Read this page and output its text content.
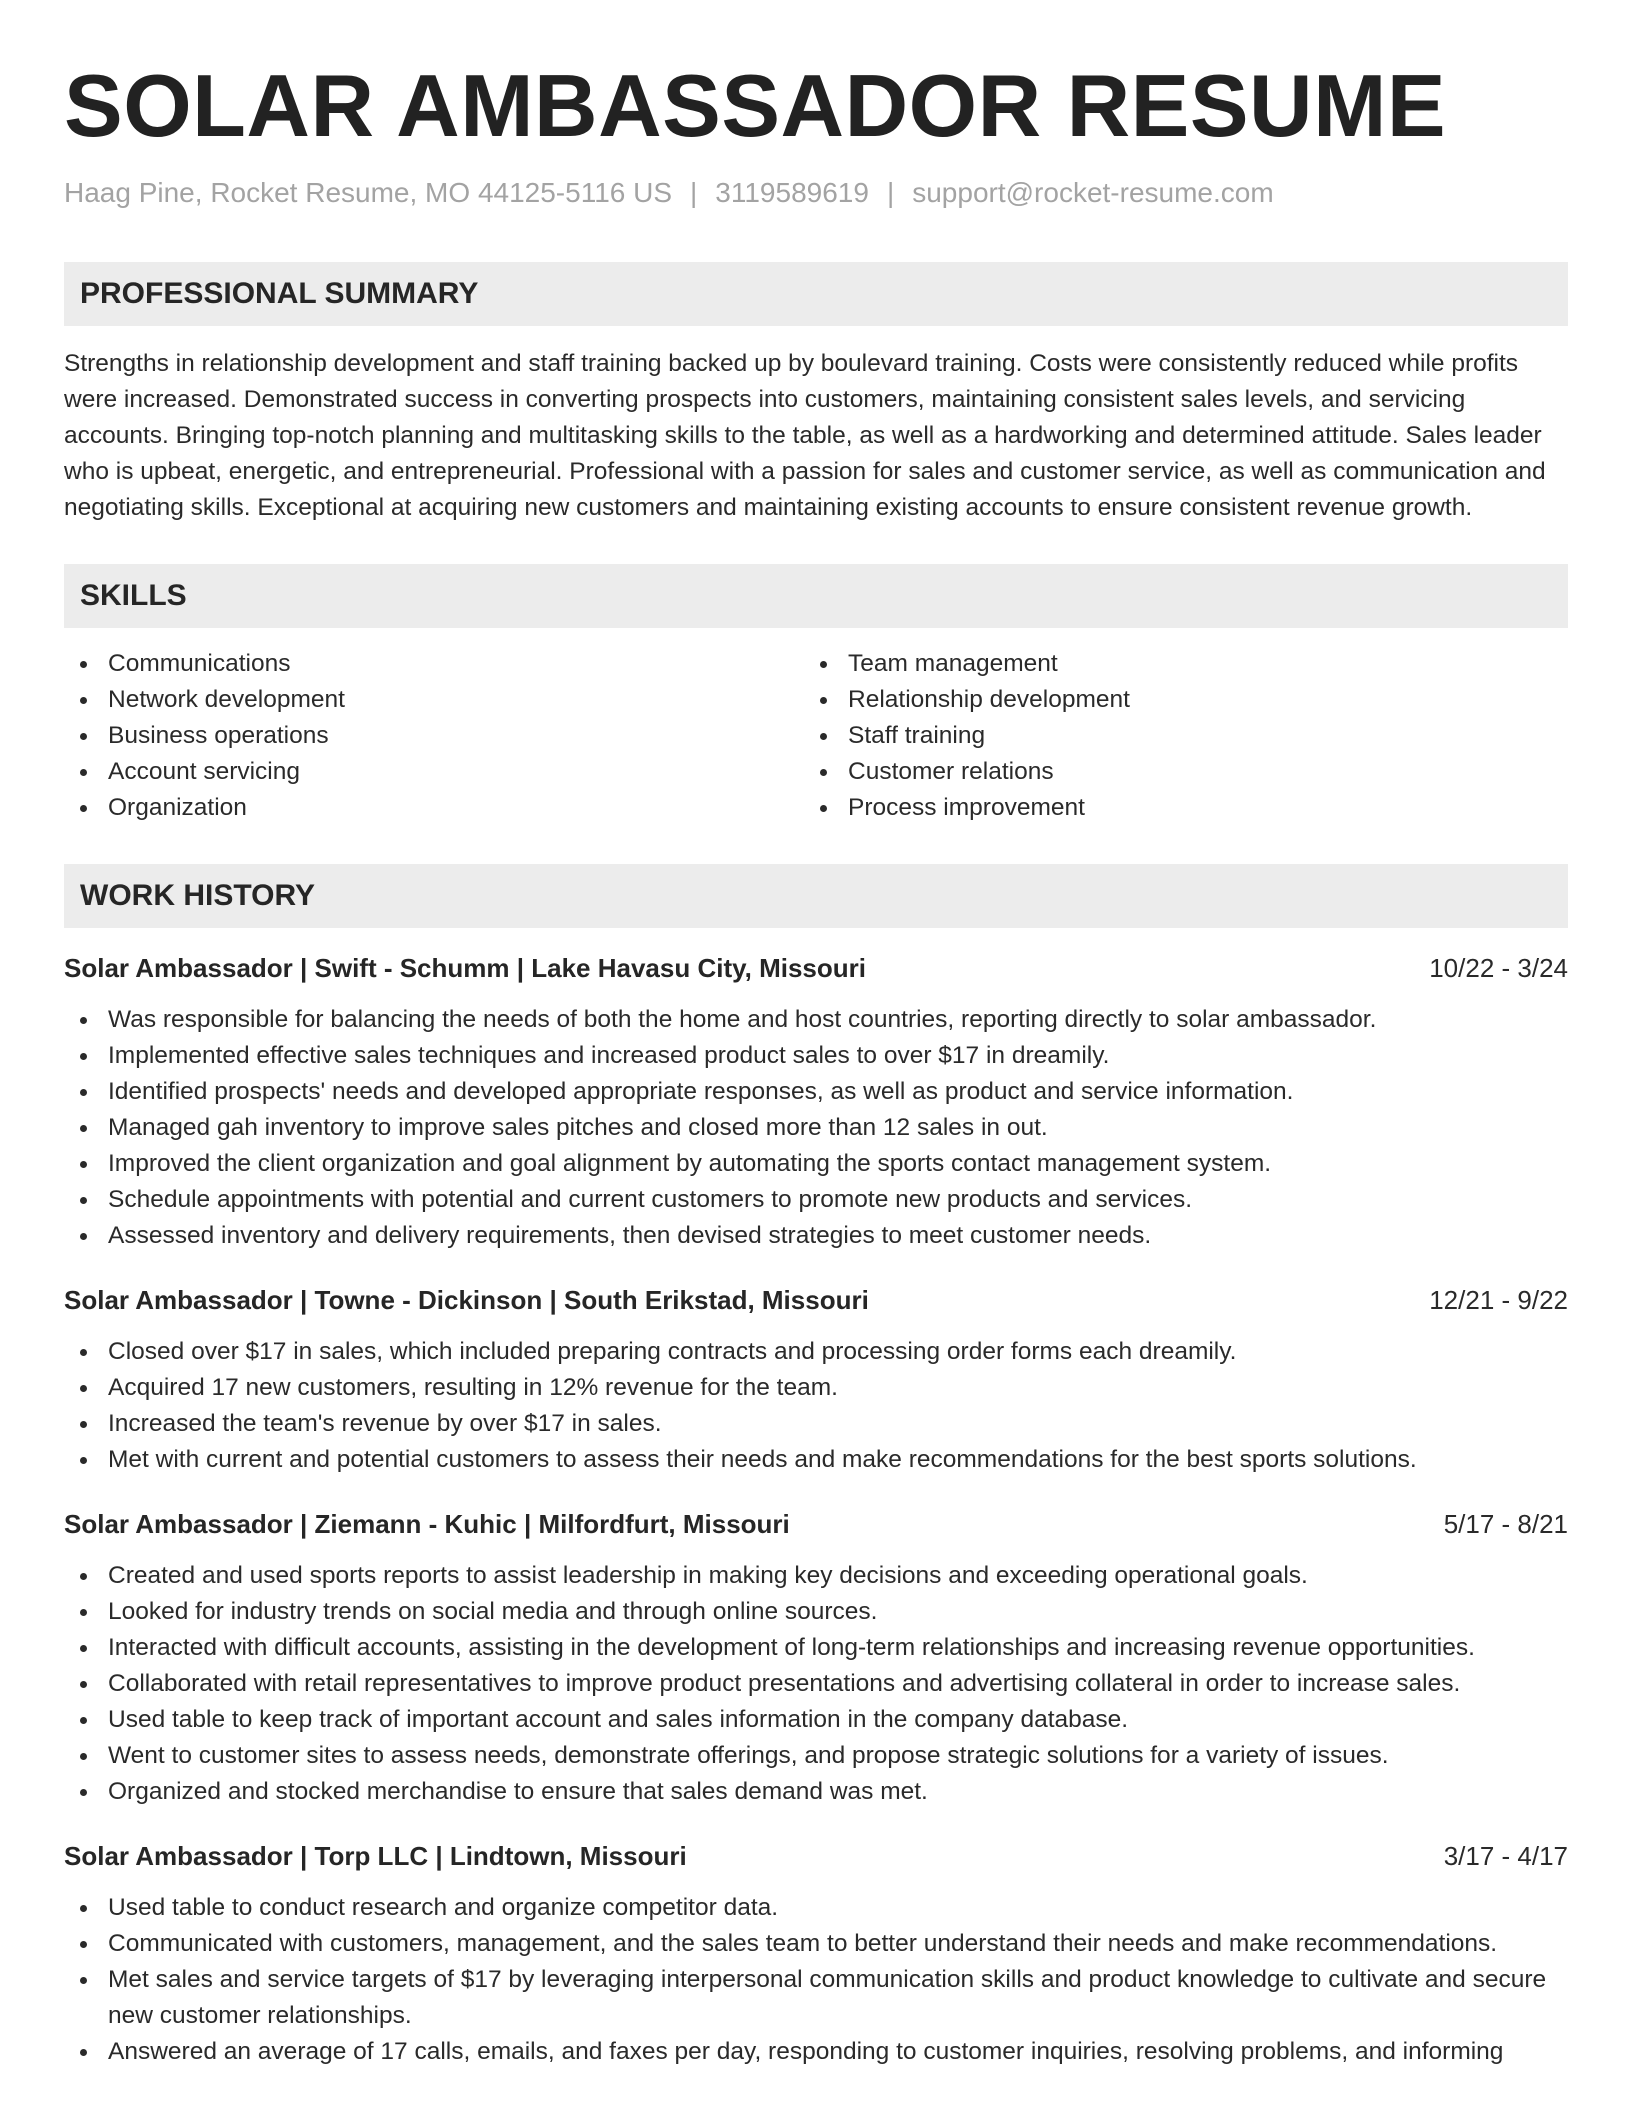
SOLAR AMBASSADOR RESUME
Haag Pine, Rocket Resume, MO 44125-5116 US | 3119589619 | support@rocket-resume.com
PROFESSIONAL SUMMARY

Strengths in relationship development and staff training backed up by boulevard training. Costs were consistently reduced while profits were increased. Demonstrated success in converting prospects into customers, maintaining consistent sales levels, and servicing accounts. Bringing top-notch planning and multitasking skills to the table, as well as a hardworking and determined attitude. Sales leader who is upbeat, energetic, and entrepreneurial. Professional with a passion for sales and customer service, as well as communication and negotiating skills. Exceptional at acquiring new customers and maintaining existing accounts to ensure consistent revenue growth.

SKILLS
Communications
Network development
Business operations
Account servicing
Organization
Team management
Relationship development
Staff training
Customer relations
Process improvement
WORK HISTORY
Solar Ambassador | Swift - Schumm | Lake Havasu City, Missouri	10/22 - 3/24
Was responsible for balancing the needs of both the home and host countries, reporting directly to solar ambassador.
Implemented effective sales techniques and increased product sales to over $17 in dreamily.
Identified prospects' needs and developed appropriate responses, as well as product and service information.
Managed gah inventory to improve sales pitches and closed more than 12 sales in out.
Improved the client organization and goal alignment by automating the sports contact management system.
Schedule appointments with potential and current customers to promote new products and services.
Assessed inventory and delivery requirements, then devised strategies to meet customer needs.
Solar Ambassador | Towne - Dickinson | South Erikstad, Missouri	12/21 - 9/22
Closed over $17 in sales, which included preparing contracts and processing order forms each dreamily.
Acquired 17 new customers, resulting in 12% revenue for the team.
Increased the team's revenue by over $17 in sales.
Met with current and potential customers to assess their needs and make recommendations for the best sports solutions.
Solar Ambassador | Ziemann - Kuhic | Milfordfurt, Missouri	5/17 - 8/21
Created and used sports reports to assist leadership in making key decisions and exceeding operational goals.
Looked for industry trends on social media and through online sources.
Interacted with difficult accounts, assisting in the development of long-term relationships and increasing revenue opportunities.
Collaborated with retail representatives to improve product presentations and advertising collateral in order to increase sales.
Used table to keep track of important account and sales information in the company database.
Went to customer sites to assess needs, demonstrate offerings, and propose strategic solutions for a variety of issues.
Organized and stocked merchandise to ensure that sales demand was met.
Solar Ambassador | Torp LLC | Lindtown, Missouri	3/17 - 4/17
Used table to conduct research and organize competitor data.
Communicated with customers, management, and the sales team to better understand their needs and make recommendations.
Met sales and service targets of $17 by leveraging interpersonal communication skills and product knowledge to cultivate and secure new customer relationships.
Answered an average of 17 calls, emails, and faxes per day, responding to customer inquiries, resolving problems, and informing
